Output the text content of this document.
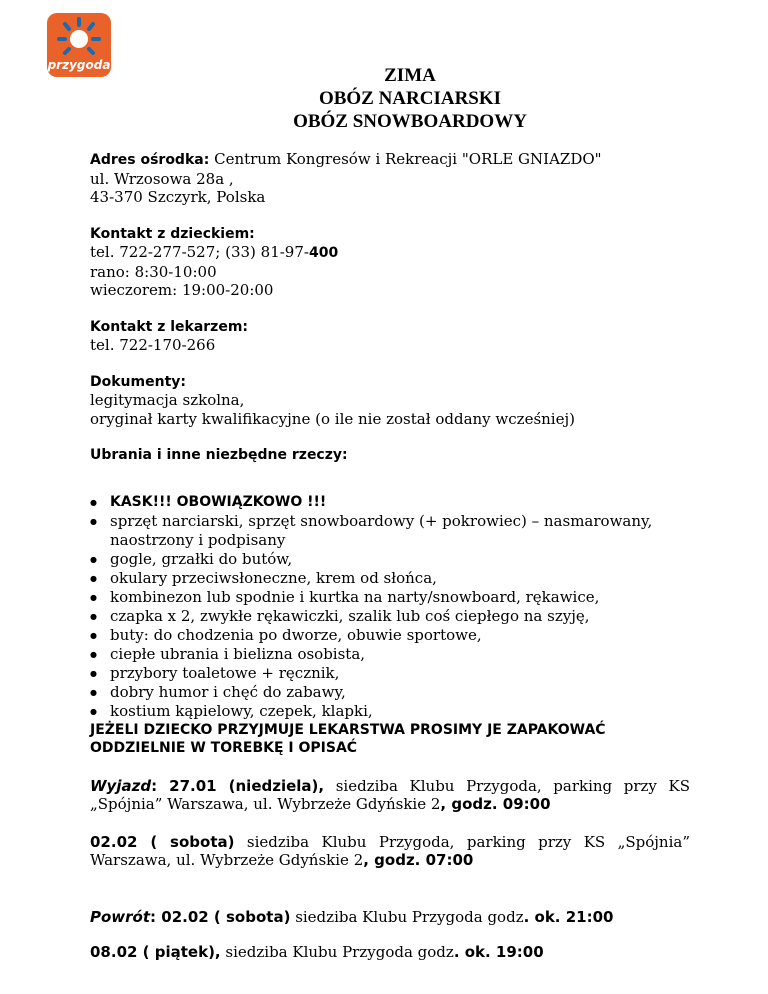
przygoda	ZIMA
OBÓZ NARCIARSKI
OBÓZ SNOWBOARDOWY
Adres ośrodka: Centrum Kongresów i Rekreacji "ORLE GNIAZDO"
ul. Wrzosowa 28a ,
43-370 Szczyrk, Polska
Kontakt z dzieckiem:
tel. 722-277-527; (33) 81-97-400
rano: 8:30-10:00
wieczorem: 19:00-20:00
Kontakt z lekarzem:
tel. 722-170-266
Dokumenty:
legitymacja szkolna,
oryginał karty kwalifikacyjne (o ile nie został oddany wcześniej)
Ubrania i inne niezbędne rzeczy:
● KASK!!! OBOWIĄZKOWO !!!
● sprzęt narciarski, sprzęt snowboardowy (+ pokrowiec) – nasmarowany, naostrzony i podpisany
● gogle, grzałki do butów,
● okulary przeciwsłoneczne, krem od słońca,
● kombinezon lub spodnie i kurtka na narty/snowboard, rękawice,
● czapka x 2, zwykłe rękawiczki, szalik lub coś ciepłego na szyję,
● buty: do chodzenia po dworze, obuwie sportowe,
● ciepłe ubrania i bielizna osobista,
● przybory toaletowe + ręcznik,
● dobry humor i chęć do zabawy,
● kostium kąpielowy, czepek, klapki,
JEŻELI DZIECKO PRZYJMUJE LEKARSTWA PROSIMY JE ZAPAKOWAĆ ODDZIELNIE W TOREBKĘ I OPISAĆ
Wyjazd: 27.01 (niedziela), siedziba Klubu Przygoda, parking przy KS „Spójnia” Warszawa, ul. Wybrzeże Gdyńskie 2, godz. 09:00
02.02 ( sobota) siedziba Klubu Przygoda, parking przy KS „Spójnia” Warszawa, ul. Wybrzeże Gdyńskie 2, godz. 07:00
Powrót: 02.02 ( sobota) siedziba Klubu Przygoda godz. ok. 21:00
08.02 ( piątek), siedziba Klubu Przygoda godz. ok. 19:00
